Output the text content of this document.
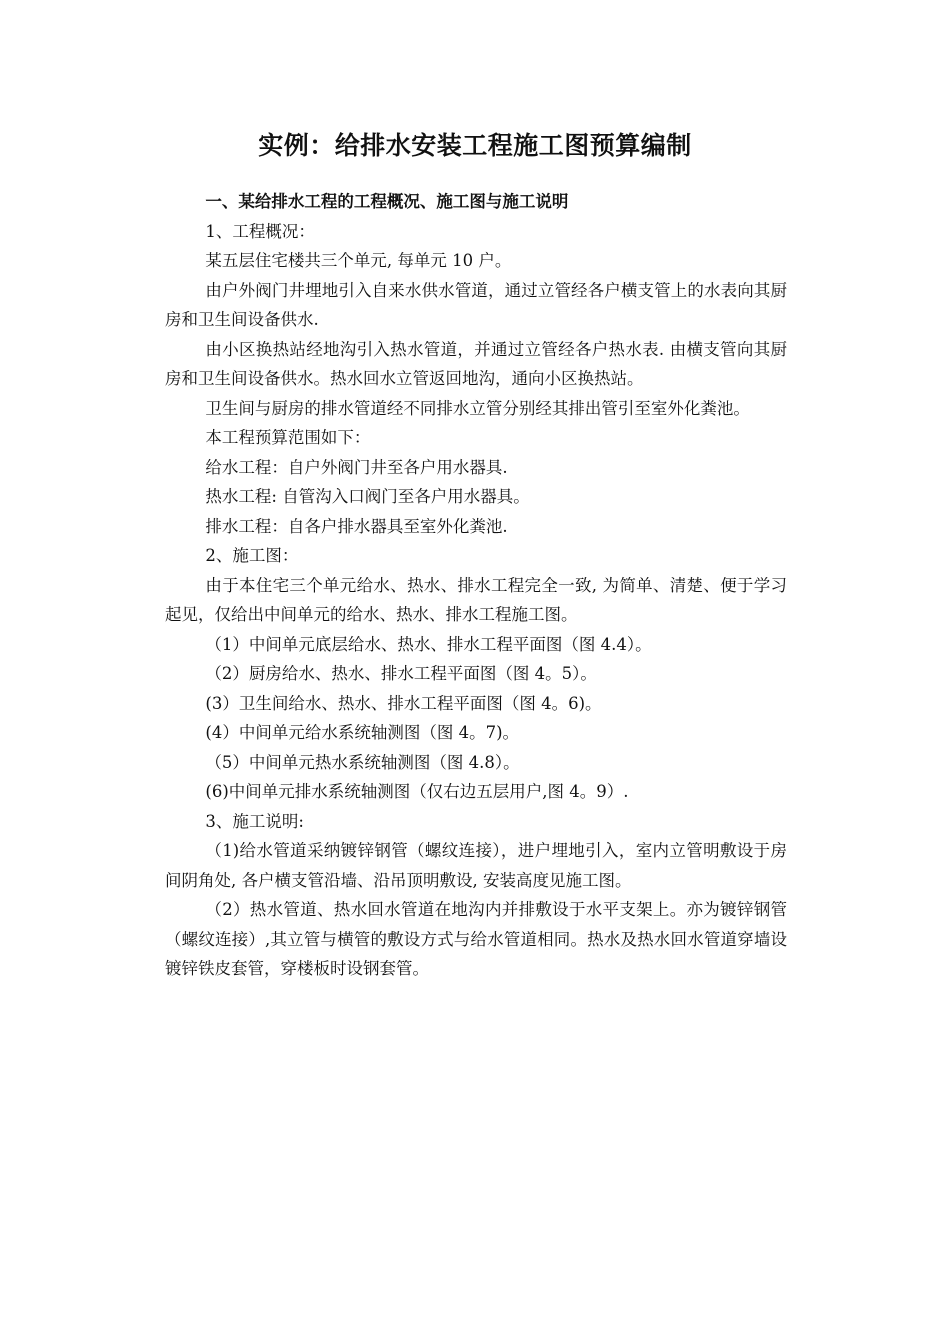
实例：给排水安装工程施工图预算编制

一、某给排水工程的工程概况、施工图与施工说明

1、工程概况：

某五层住宅楼共三个单元, 每单元 10 户。

由户外阀门井埋地引入自来水供水管道，通过立管经各户横支管上的水表向其厨房和卫生间设备供水.

由小区换热站经地沟引入热水管道，并通过立管经各户热水表. 由横支管向其厨房和卫生间设备供水。热水回水立管返回地沟，通向小区换热站。

卫生间与厨房的排水管道经不同排水立管分别经其排出管引至室外化粪池。

本工程预算范围如下：

给水工程：自户外阀门井至各户用水器具.

热水工程: 自管沟入口阀门至各户用水器具。

排水工程：自各户排水器具至室外化粪池.

2、施工图：

由于本住宅三个单元给水、热水、排水工程完全一致, 为简单、清楚、便于学习起见，仅给出中间单元的给水、热水、排水工程施工图。

（1）中间单元底层给水、热水、排水工程平面图（图 4.4）。

（2）厨房给水、热水、排水工程平面图（图 4。5）。

(3）卫生间给水、热水、排水工程平面图（图 4。6)。

(4）中间单元给水系统轴测图（图 4。7)。

（5）中间单元热水系统轴测图（图 4.8）。

(6)中间单元排水系统轴测图（仅右边五层用户,图 4。9）.

3、施工说明:

（1)给水管道采纳镀锌钢管（螺纹连接），进户埋地引入，室内立管明敷设于房间阴角处, 各户横支管沿墙、沿吊顶明敷设, 安装高度见施工图。

（2）热水管道、热水回水管道在地沟内并排敷设于水平支架上。亦为镀锌钢管（螺纹连接）,其立管与横管的敷设方式与给水管道相同。热水及热水回水管道穿墙设镀锌铁皮套管，穿楼板时设钢套管。
